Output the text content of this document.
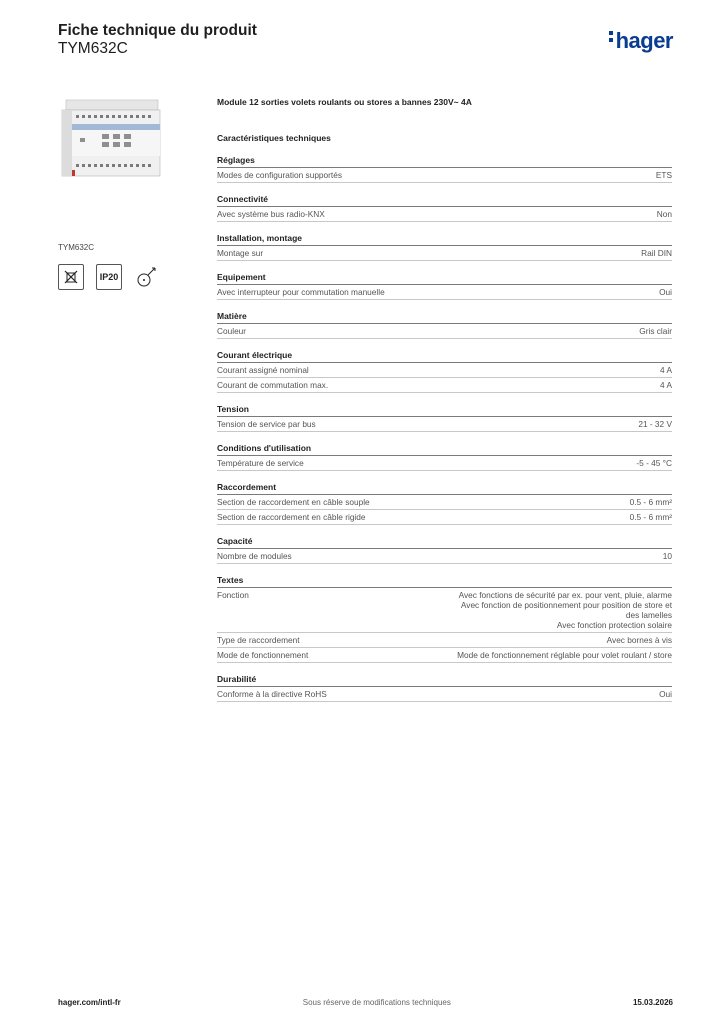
Fiche technique du produit
TYM632C	hager
TYM632C
IP20
Module 12 sorties volets roulants ou stores a bannes 230V~ 4A
Caractéristiques techniques
Réglages
Modes de configuration supportés	ETS
Connectivité
Avec système bus radio-KNX	Non
Installation, montage
Montage sur	Rail DIN
Equipement
Avec interrupteur pour commutation manuelle	Oui
Matière
Couleur	Gris clair
Courant électrique
Courant assigné nominal	4 A
Courant de commutation max.	4 A
Tension
Tension de service par bus	21 - 32 V
Conditions d'utilisation
Température de service	-5 - 45 °C
Raccordement
Section de raccordement en câble souple	0.5 - 6 mm²
Section de raccordement en câble rigide	0.5 - 6 mm²
Capacité
Nombre de modules	10
Textes
Fonction	Avec fonctions de sécurité par ex. pour vent, pluie, alarme
Avec fonction de positionnement pour position de store et
des lamelles
Avec fonction protection solaire
Type de raccordement	Avec bornes à vis
Mode de fonctionnement	Mode de fonctionnement réglable pour volet roulant / store
Durabilité
Conforme à la directive RoHS	Oui
hager.com/intl-fr	Sous réserve de modifications techniques	15.03.2026
